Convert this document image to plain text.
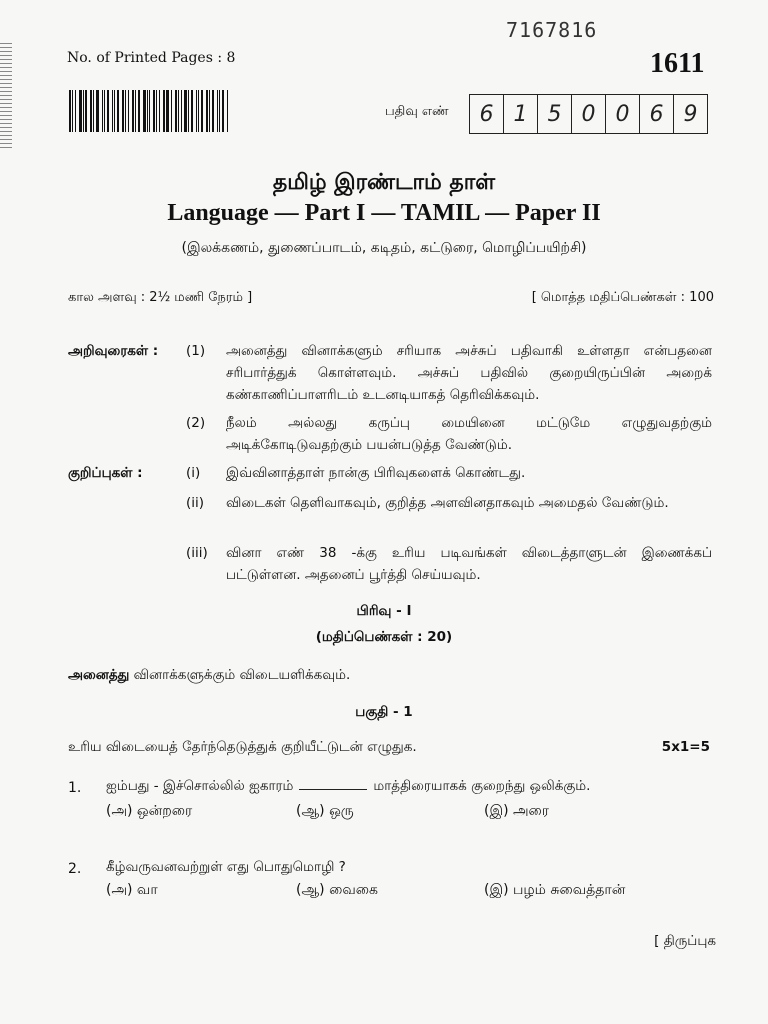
No. of Printed Pages : 8
7167816
1611
பதிவு எண்	6 1 5 0 0 6 9
தமிழ் இரண்டாம் தாள்
Language — Part I — TAMIL — Paper II
(இலக்கணம், துணைப்பாடம், கடிதம், கட்டுரை, மொழிப்பயிற்சி)
கால அளவு : 2½ மணி நேரம் ]	[ மொத்த மதிப்பெண்கள் : 100
அறிவுரைகள் : (1) அனைத்து வினாக்களும் சரியாக அச்சுப் பதிவாகி உள்ளதா என்பதனை சரிபார்த்துக் கொள்ளவும். அச்சுப் பதிவில் குறையிருப்பின் அறைக் கண்காணிப்பாளரிடம் உடனடியாகத் தெரிவிக்கவும்.
(2) நீலம் அல்லது கருப்பு மையினை மட்டுமே எழுதுவதற்கும் அடிக்கோடிடுவதற்கும் பயன்படுத்த வேண்டும்.
குறிப்புகள் :	(i) இவ்வினாத்தாள் நான்கு பிரிவுகளைக் கொண்டது.
(ii) விடைகள் தெளிவாகவும், குறித்த அளவினதாகவும் அமைதல் வேண்டும்.
(iii) வினா எண் 38 -க்கு உரிய படிவங்கள் விடைத்தாளுடன் இணைக்கப் பட்டுள்ளன. அதனைப் பூர்த்தி செய்யவும்.
பிரிவு - I
(மதிப்பெண்கள் : 20)
அனைத்து வினாக்களுக்கும் விடையளிக்கவும்.
பகுதி - 1
உரிய விடையைத் தேர்ந்தெடுத்துக் குறியீட்டுடன் எழுதுக.	5x1=5
1. ஐம்பது - இச்சொல்லில் ஐகாரம்	மாத்திரையாகக் குறைந்து ஒலிக்கும்.
(அ) ஒன்றரை	(ஆ) ஒரு	(இ) அரை
2. கீழ்வருவனவற்றுள் எது பொதுமொழி ?
(அ) வா	(ஆ) வைகை	(இ) பழம் சுவைத்தான்
[ திருப்புக
